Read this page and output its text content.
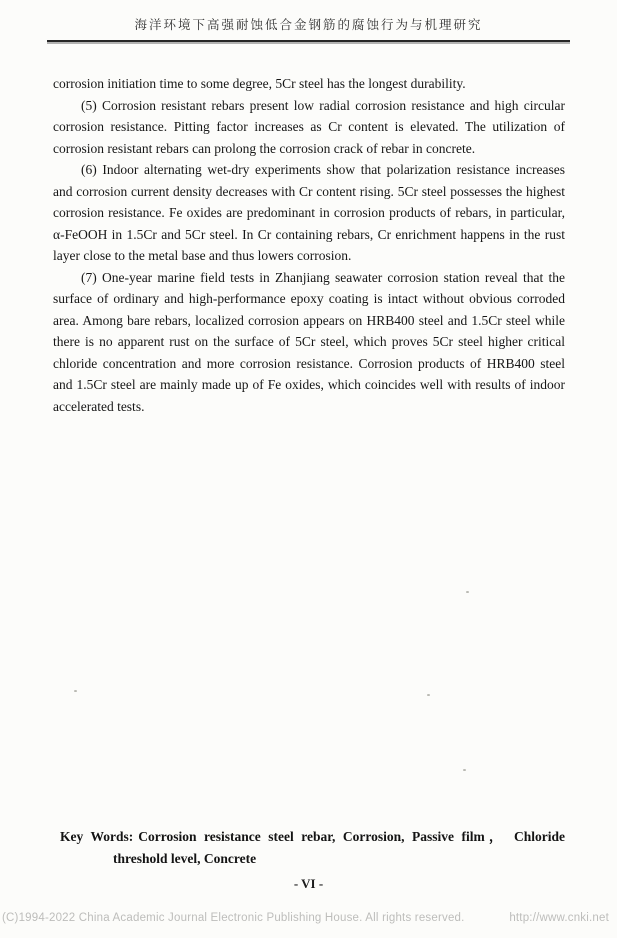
海洋环境下高强耐蚀低合金钢筋的腐蚀行为与机理研究

corrosion initiation time to some degree, 5Cr steel has the longest durability.

(5) Corrosion resistant rebars present low radial corrosion resistance and high circular corrosion resistance. Pitting factor increases as Cr content is elevated. The utilization of corrosion resistant rebars can prolong the corrosion crack of rebar in concrete.

(6) Indoor alternating wet-dry experiments show that polarization resistance increases and corrosion current density decreases with Cr content rising. 5Cr steel possesses the highest corrosion resistance. Fe oxides are predominant in corrosion products of rebars, in particular, α-FeOOH in 1.5Cr and 5Cr steel. In Cr containing rebars, Cr enrichment happens in the rust layer close to the metal base and thus lowers corrosion.

(7) One-year marine field tests in Zhanjiang seawater corrosion station reveal that the surface of ordinary and high-performance epoxy coating is intact without obvious corroded area. Among bare rebars, localized corrosion appears on HRB400 steel and 1.5Cr steel while there is no apparent rust on the surface of 5Cr steel, which proves 5Cr steel higher critical chloride concentration and more corrosion resistance. Corrosion products of HRB400 steel and 1.5Cr steel are mainly made up of Fe oxides, which coincides well with results of indoor accelerated tests.

Key Words: Corrosion resistance steel rebar, Corrosion, Passive film， Chloride threshold level, Concrete
- VI -
(C)1994-2022 China Academic Journal Electronic Publishing House. All rights reserved.	http://www.cnki.net
